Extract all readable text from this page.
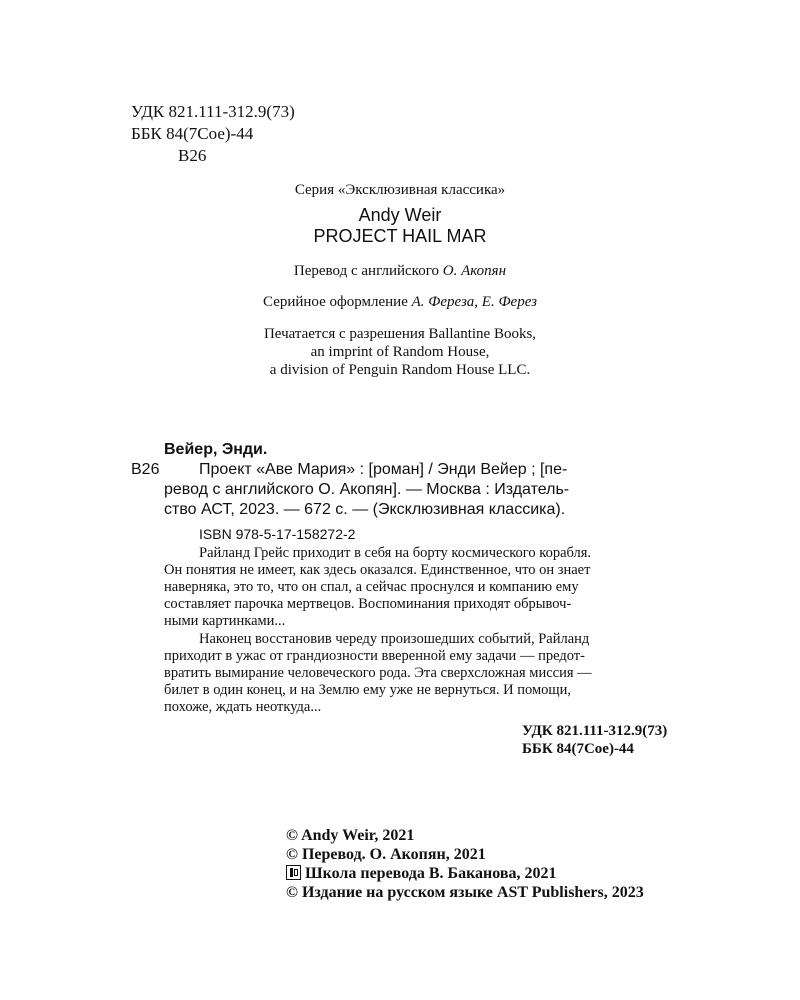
УДК 821.111-312.9(73)
ББК 84(7Сое)-44
В26
Серия «Эксклюзивная классика»
Andy Weir
PROJECT HAIL MAR
Перевод с английского О. Акопян
Серийное оформление А. Фереза, Е. Ферез
Печатается с разрешения Ballantine Books,
an imprint of Random House,
a division of Penguin Random House LLC.
Вейер, Энди.
В26 Проект «Аве Мария» : [роман] / Энди Вейер ; [пе-
ревод с английского О. Акопян]. — Москва : Издатель-
ство АСТ, 2023. — 672 с. — (Эксклюзивная классика).
ISBN 978-5-17-158272-2
Райланд Грейс приходит в себя на борту космического корабля.
Он понятия не имеет, как здесь оказался. Единственное, что он знает
наверняка, это то, что он спал, а сейчас проснулся и компанию ему
составляет парочка мертвецов. Воспоминания приходят обрывоч-
ными картинками...
Наконец восстановив череду произошедших событий, Райланд
приходит в ужас от грандиозности вверенной ему задачи — предот-
вратить вымирание человеческого рода. Эта сверхсложная миссия —
билет в один конец, и на Землю ему уже не вернуться. И помощи,
похоже, ждать неоткуда...
УДК 821.111-312.9(73)
ББК 84(7Сое)-44
© Andy Weir, 2021
© Перевод. О. Акопян, 2021
Школа перевода В. Баканова, 2021
© Издание на русском языке AST Publishers, 2023
